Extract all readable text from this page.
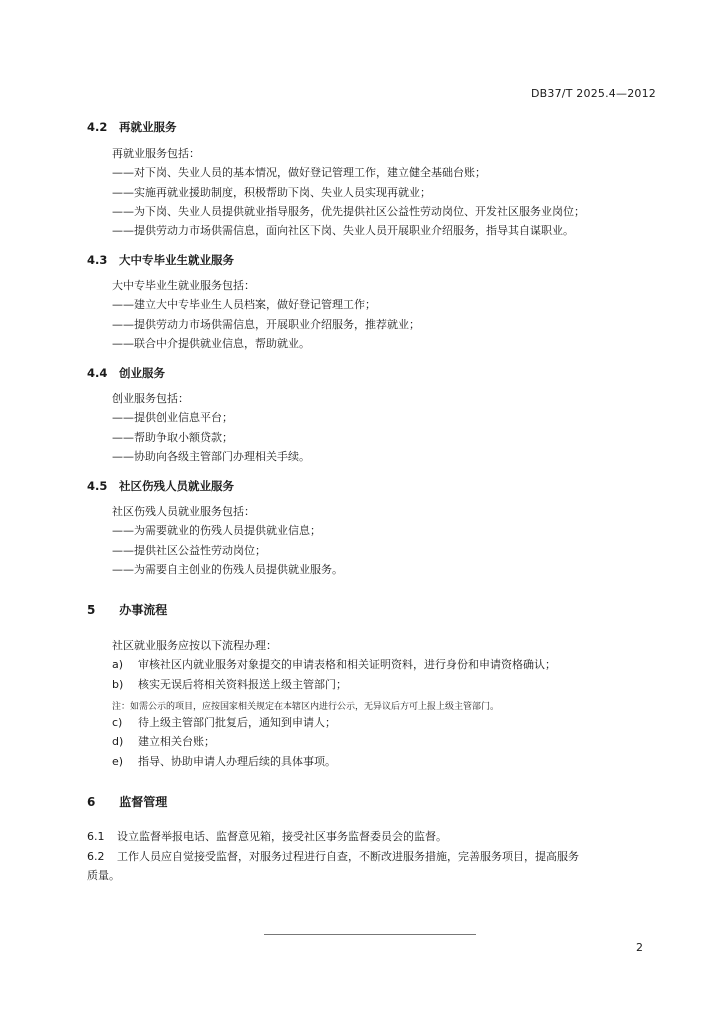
DB37/T 2025.4—2012
4.2 再就业服务
再就业服务包括：
——对下岗、失业人员的基本情况，做好登记管理工作，建立健全基础台账；
——实施再就业援助制度，积极帮助下岗、失业人员实现再就业；
——为下岗、失业人员提供就业指导服务，优先提供社区公益性劳动岗位、开发社区服务业岗位；
——提供劳动力市场供需信息，面向社区下岗、失业人员开展职业介绍服务，指导其自谋职业。
4.3 大中专毕业生就业服务
大中专毕业生就业服务包括：
——建立大中专毕业生人员档案，做好登记管理工作；
——提供劳动力市场供需信息，开展职业介绍服务，推荐就业；
——联合中介提供就业信息，帮助就业。
4.4 创业服务
创业服务包括：
——提供创业信息平台；
——帮助争取小额贷款；
——协助向各级主管部门办理相关手续。
4.5 社区伤残人员就业服务
社区伤残人员就业服务包括：
——为需要就业的伤残人员提供就业信息；
——提供社区公益性劳动岗位；
——为需要自主创业的伤残人员提供就业服务。
5 办事流程
社区就业服务应按以下流程办理：
a) 审核社区内就业服务对象提交的申请表格和相关证明资料，进行身份和申请资格确认；
b) 核实无误后将相关资料报送上级主管部门；
注：如需公示的项目，应按国家相关规定在本辖区内进行公示，无异议后方可上报上级主管部门。
c) 待上级主管部门批复后，通知到申请人；
d) 建立相关台账；
e) 指导、协助申请人办理后续的具体事项。
6 监督管理
6.1 设立监督举报电话、监督意见箱，接受社区事务监督委员会的监督。
6.2 工作人员应自觉接受监督，对服务过程进行自查，不断改进服务措施，完善服务项目，提高服务
质量。
2
